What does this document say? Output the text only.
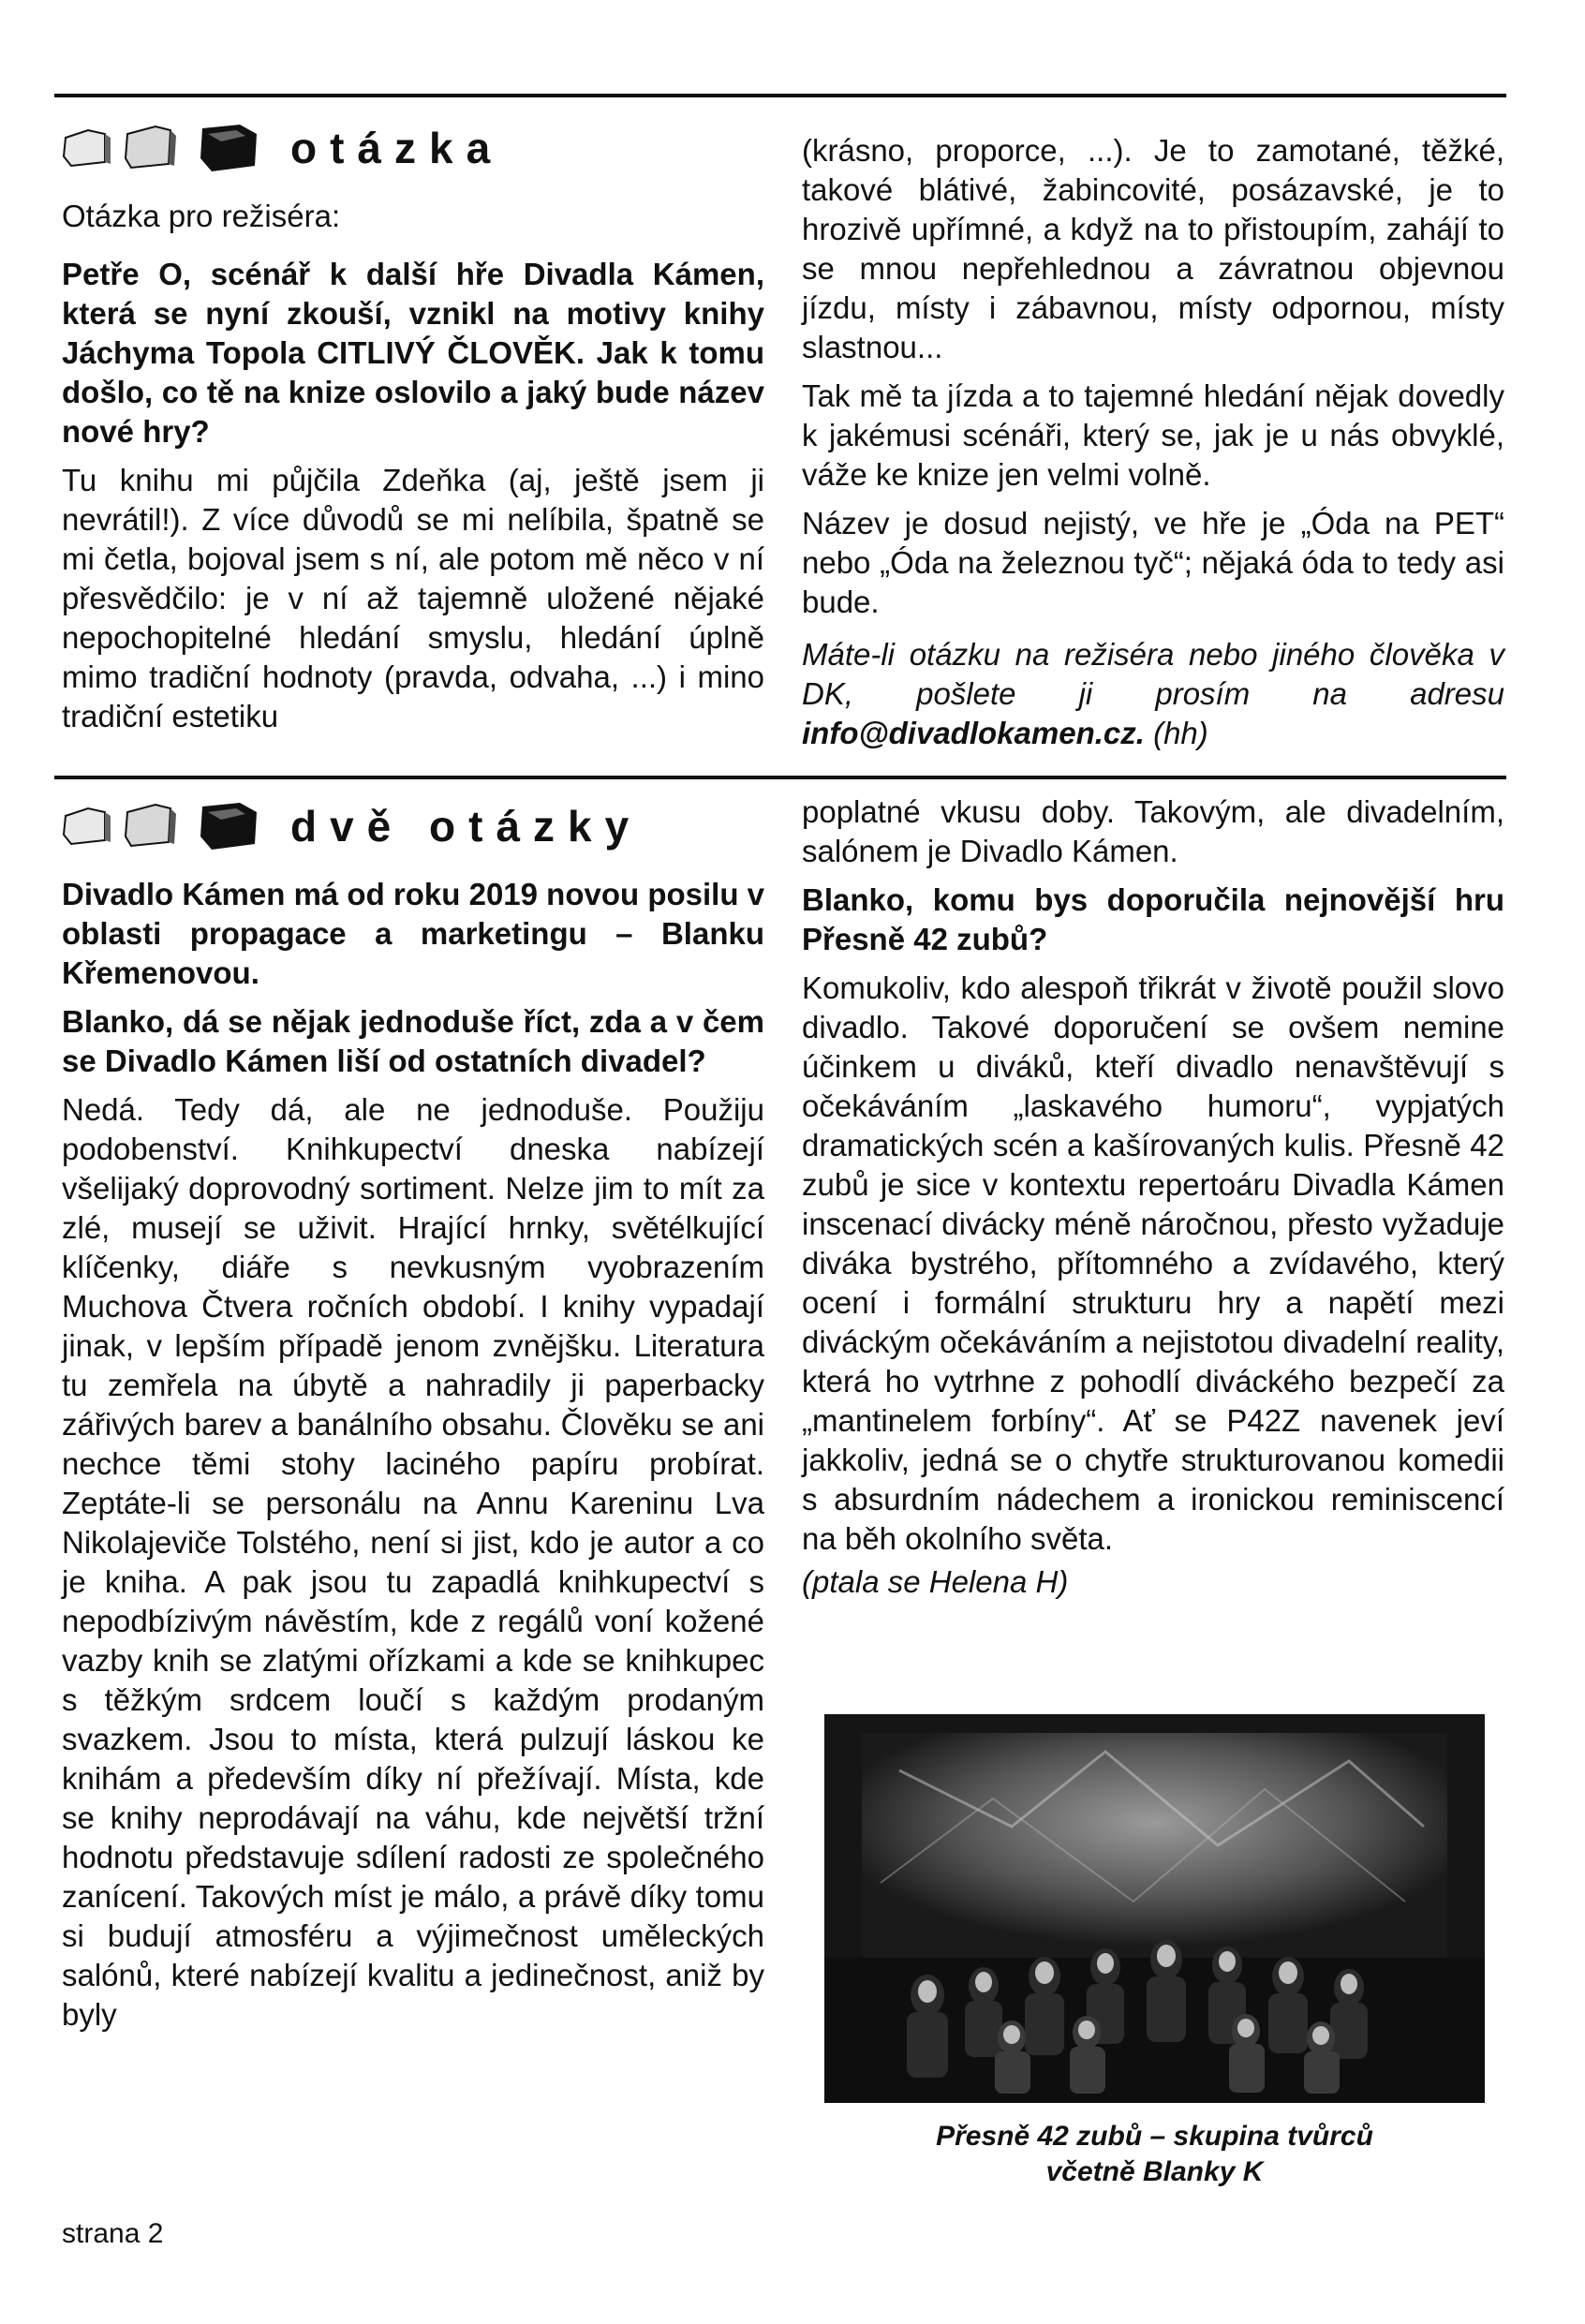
otázka

Otázka pro režiséra:

Petře O, scénář k další hře Divadla Kámen, která se nyní zkouší, vznikl na motivy knihy Jáchyma Topola CITLIVÝ ČLOVĚK. Jak k tomu došlo, co tě na knize oslovilo a jaký bude název nové hry?

Tu knihu mi půjčila Zdeňka (aj, ještě jsem ji nevrátil!). Z více důvodů se mi nelíbila, špatně se mi četla, bojoval jsem s ní, ale potom mě něco v ní přesvědčilo: je v ní až tajemně uložené nějaké nepochopitelné hledání smyslu, hledání úplně mimo tradiční hodnoty (pravda, odvaha, ...) i mino tradiční estetiku

(krásno, proporce, ...). Je to zamotané, těžké, takové blátivé, žabincovité, posázavské, je to hrozivě upřímné, a když na to přistoupím, zahájí to se mnou nepřehlednou a závratnou objevnou jízdu, místy i zábavnou, místy odpornou, místy slastnou...

Tak mě ta jízda a to tajemné hledání nějak dovedly k jakémusi scénáři, který se, jak je u nás obvyklé, váže ke knize jen velmi volně.

Název je dosud nejistý, ve hře je „Óda na PET“ nebo „Óda na železnou tyč“; nějaká óda to tedy asi bude.

Máte-li otázku na režiséra nebo jiného člověka v DK, pošlete ji prosím na adresu info@divadlokamen.cz. (hh)

dvě otázky

Divadlo Kámen má od roku 2019 novou posilu v oblasti propagace a marketingu – Blanku Křemenovou.

Blanko, dá se nějak jednoduše říct, zda a v čem se Divadlo Kámen liší od ostatních divadel?

Nedá. Tedy dá, ale ne jednoduše. Použiju podobenství. Knihkupectví dneska nabízejí všelijaký doprovodný sortiment. Nelze jim to mít za zlé, musejí se uživit. Hrající hrnky, světélkující klíčenky, diáře s nevkusným vyobrazením Muchova Čtvera ročních období. I knihy vypadají jinak, v lepším případě jenom zvnějšku. Literatura tu zemřela na úbytě a nahradily ji paperbacky zářivých barev a banálního obsahu. Člověku se ani nechce těmi stohy laciného papíru probírat. Zeptáte-li se personálu na Annu Kareninu Lva Nikolajeviče Tolstého, není si jist, kdo je autor a co je kniha. A pak jsou tu zapadlá knihkupectví s nepodbízivým návěstím, kde z regálů voní kožené vazby knih se zlatými ořízkami a kde se knihkupec s těžkým srdcem loučí s každým prodaným svazkem. Jsou to místa, která pulzují láskou ke knihám a především díky ní přežívají. Místa, kde se knihy neprodávají na váhu, kde největší tržní hodnotu představuje sdílení radosti ze společného zanícení. Takových míst je málo, a právě díky tomu si budují atmosféru a výjimečnost uměleckých salónů, které nabízejí kvalitu a jedinečnost, aniž by byly

poplatné vkusu doby. Takovým, ale divadelním, salónem je Divadlo Kámen.

Blanko, komu bys doporučila nejnovější hru Přesně 42 zubů?

Komukoliv, kdo alespoň třikrát v životě použil slovo divadlo. Takové doporučení se ovšem nemine účinkem u diváků, kteří divadlo nenavštěvují s očekáváním „laskavého humoru“, vypjatých dramatických scén a kašírovaných kulis. Přesně 42 zubů je sice v kontextu repertoáru Divadla Kámen inscenací divácky méně náročnou, přesto vyžaduje diváka bystrého, přítomného a zvídavého, který ocení i formální strukturu hry a napětí mezi diváckým očekáváním a nejistotou divadelní reality, která ho vytrhne z pohodlí diváckého bezpečí za „mantinelem forbíny“. Ať se P42Z navenek jeví jakkoliv, jedná se o chytře strukturovanou komedii s absurdním nádechem a ironickou reminiscencí na běh okolního světa.

(ptala se Helena H)

Přesně 42 zubů – skupina tvůrců
včetně Blanky K
strana 2
